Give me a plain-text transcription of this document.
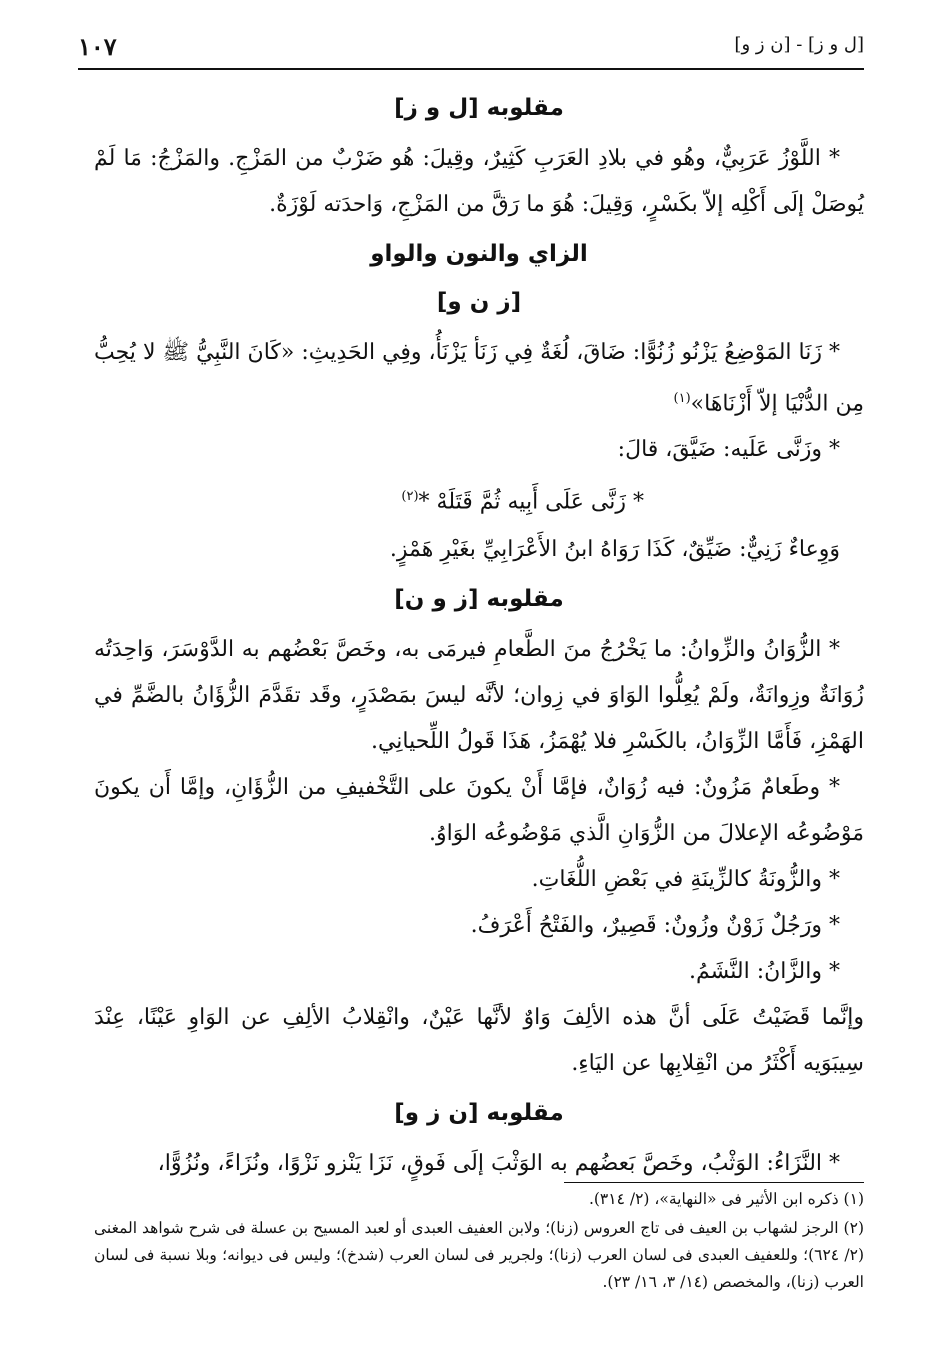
١٠٧	[ل و ز] - [ن ز و]
مقلوبه [ل و ز]

* اللَّوْزُ عَرَبِيٌّ، وهُو في بلادِ العَرَبِ كَثِيرٌ، وقِيلَ: هُو ضَرْبٌ من المَزْجِ. والمَزْجُ: مَا لَمْ يُوصَلْ إلَى أَكْلِه إلاّ بكَسْرٍ، وَقِيلَ: هُوَ ما رَقَّ من المَزْجِ، وَاحدَته لَوْزَةٌ.

الزاي والنون والواو
[ز ن و]

* زَنَا المَوْضِعُ يَزْنُو زُنُوًّا: ضَاقَ، لُغَةٌ فِي زَنَأ يَزْنَأُ، وفِي الحَدِيثِ: «كَانَ النَّبِيُّ ﷺ لا يُحِبُّ مِن الدُّنْيَا إلاّ أَزْنَاهَا»$^{(١)}$

* وزَنَّى عَلَيه: ضَيَّقَ، قالَ:

* زَنَّى عَلَى أَبِيه ثُمَّ قَتَلَهْ *$^{(٢)}$

وَوِعاءٌ زَنِيٌّ: ضَيِّقٌ، كَذَا رَوَاهُ ابنُ الأَعْرَابِيِّ بغَيْرِ هَمْزٍ.

مقلوبه [ز و ن]

* الزُّوَانُ والزِّوانُ: ما يَخْرُجُ منَ الطَّعامِ فيرمَى به، وخَصَّ بَعْضُهم به الدَّوْسَرَ، وَاحِدَتُه زُوَانَةٌ وزِوانَةٌ، ولَمْ يُعِلُّوا الوَاوَ في زِوان؛ لأنَّه ليسَ بمَصْدَرٍ، وقَد تقَدَّمَ الزُّؤَانُ بالضَّمِّ في الهَمْزِ، فَأَمَّا الزِّوَانُ، بالكَسْرِ فلا يُهْمَزُ، هَذَا قَولُ اللِّحيانِي.

* وطَعامٌ مَزُونٌ: فيه زُوَانٌ، فإمَّا أَنْ يكونَ على التَّخْفيفِ من الزُّؤَانِ، وإمَّا أَن يكونَ مَوْضُوعُه الإعلالَ من الزُّوَانِ الَّذي مَوْضُوعُه الوَاوُ.

* والزُّونَةُ كالزِّينَةِ في بَعْضِ اللُّغَاتِ.

* ورَجُلٌ زَوْنٌ وزُونٌ: قَصِيرٌ، والفَتْحُ أَعْرَفُ.

* والزَّانُ: النَّشَمُ.

وإنَّما قَضَيْتُ عَلَى أنَّ هذه الألِفَ وَاوٌ لأنَّها عَيْنٌ، وانْقِلابُ الألِفِ عن الوَاوِ عَيْنًا، عِنْدَ سِيبَوَيه أَكْثَرُ من انْقِلابِها عن اليَاءِ.

مقلوبه [ن ز و]

* النَّزَاءُ: الوَثْبُ، وخَصَّ بَعضُهم به الوَثْبَ إلَى فَوقٍ، نَزَا يَنْزو نَزْوًا، ونُزَاءً، ونُزُوًّا،

(١) ذكره ابن الأثير فى «النهاية»، (٢/ ٣١٤).

(٢) الرجز لشهاب بن العيف فى تاج العروس (زنا)؛ ولابن العفيف العبدى أو لعبد المسيح بن عسلة فى شرح شواهد المغنى (٢/ ٦٢٤)؛ وللعفيف العبدى فى لسان العرب (زنا)؛ ولجرير فى لسان العرب (شدخ)؛ وليس فى ديوانه؛ وبلا نسبة فى لسان العرب (زنا)، والمخصص (١٤/ ٣، ١٦/ ٢٣).
